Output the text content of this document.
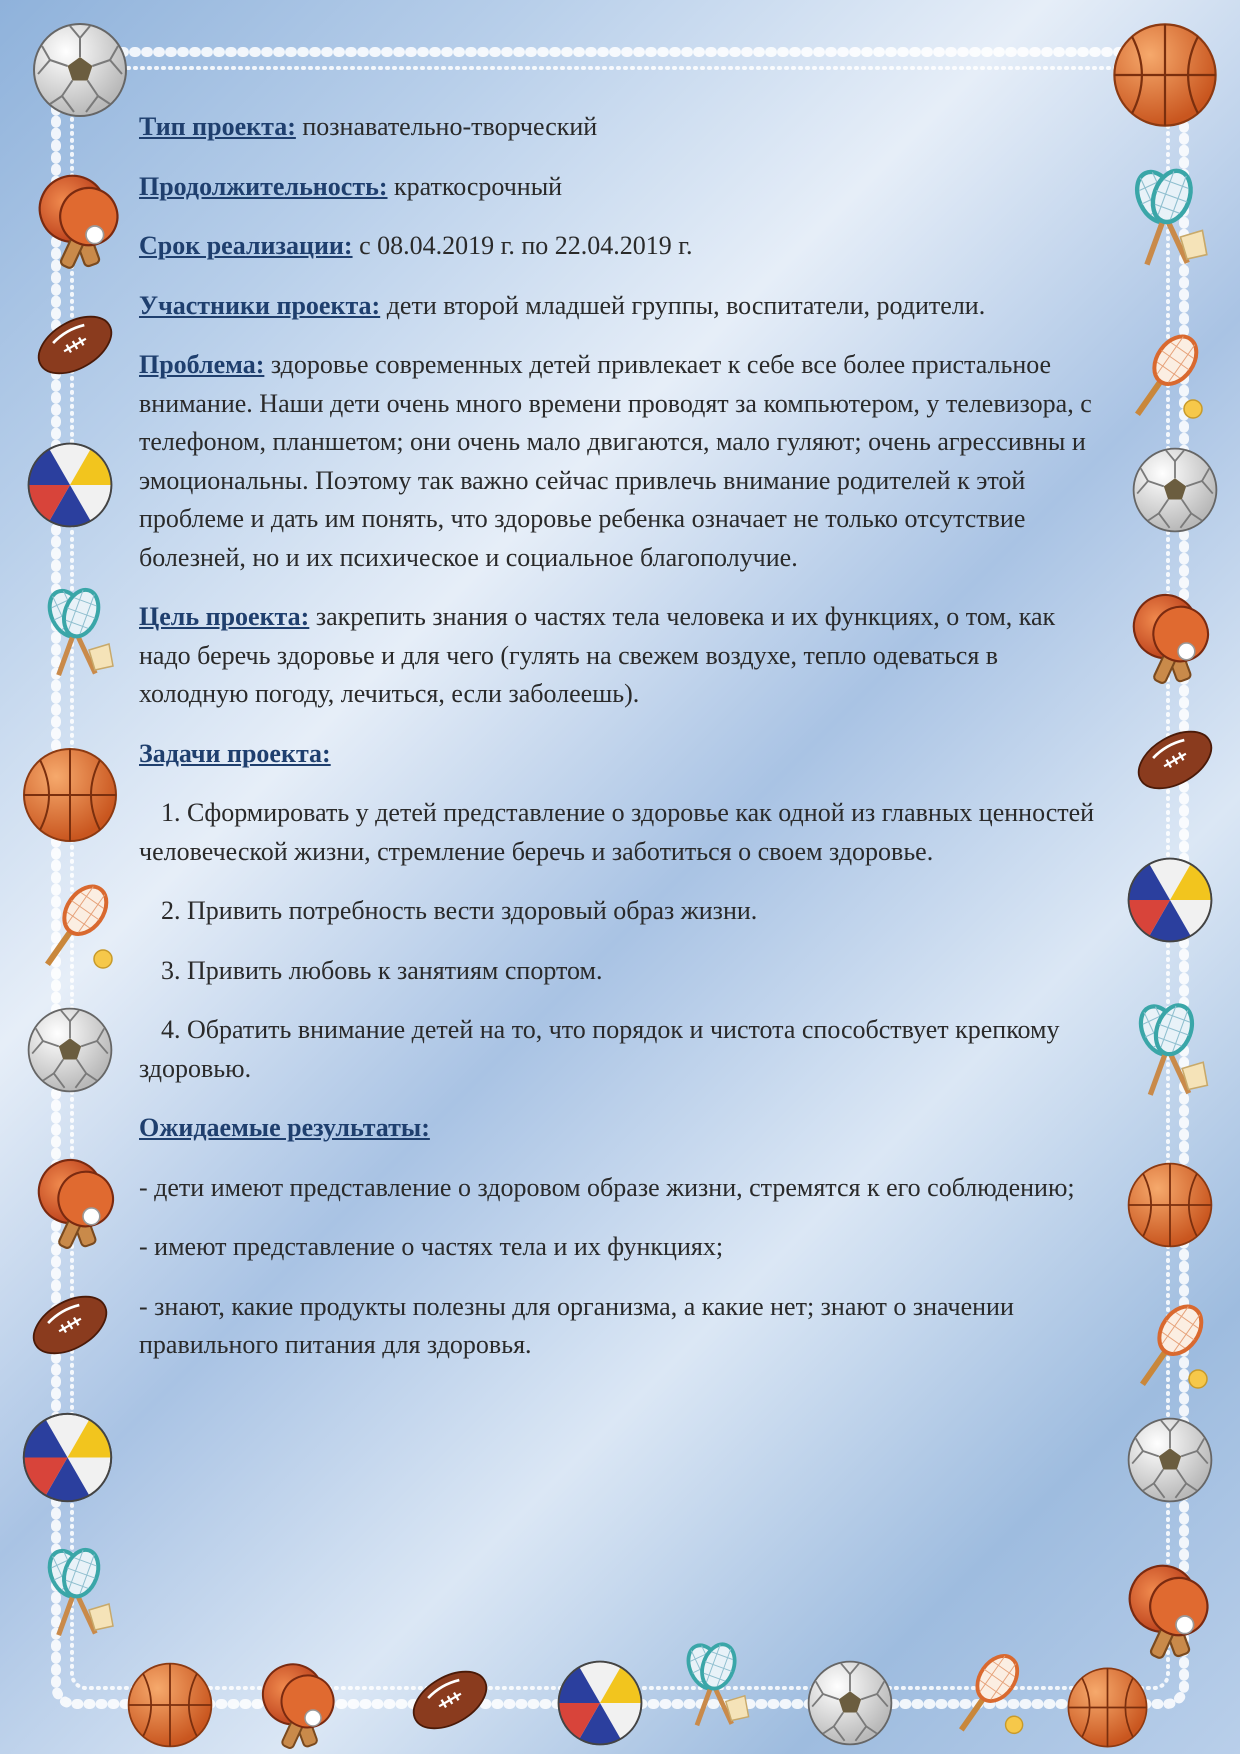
Тип проекта: познавательно-творческий

Продолжительность: краткосрочный

Срок реализации: с 08.04.2019 г. по 22.04.2019 г.

Участники проекта: дети второй младшей группы, воспитатели, родители.

Проблема: здоровье современных детей привлекает к себе все более пристальное внимание. Наши дети очень много времени проводят за компьютером, у телевизора, с телефоном, планшетом; они очень мало двигаются, мало гуляют; очень агрессивны и эмоциональны. Поэтому так важно сейчас привлечь внимание родителей к этой проблеме и дать им понять, что здоровье ребенка означает не только отсутствие болезней, но и их психическое и социальное благополучие.

Цель проекта: закрепить знания о частях тела человека и их функциях, о том, как надо беречь здоровье и для чего (гулять на свежем воздухе, тепло одеваться в холодную погоду, лечиться, если заболеешь).

Задачи проекта:

1. Сформировать у детей представление о здоровье как одной из главных ценностей человеческой жизни, стремление беречь и заботиться о своем здоровье.

2. Привить потребность вести здоровый образ жизни.

3. Привить любовь к занятиям спортом.

4. Обратить внимание детей на то, что порядок и чистота способствует крепкому здоровью.

Ожидаемые результаты:

- дети имеют представление о здоровом образе жизни, стремятся к его соблюдению;

- имеют представление о частях тела и их функциях;

- знают, какие продукты полезны для организма, а какие нет; знают о значении правильного питания для здоровья.
